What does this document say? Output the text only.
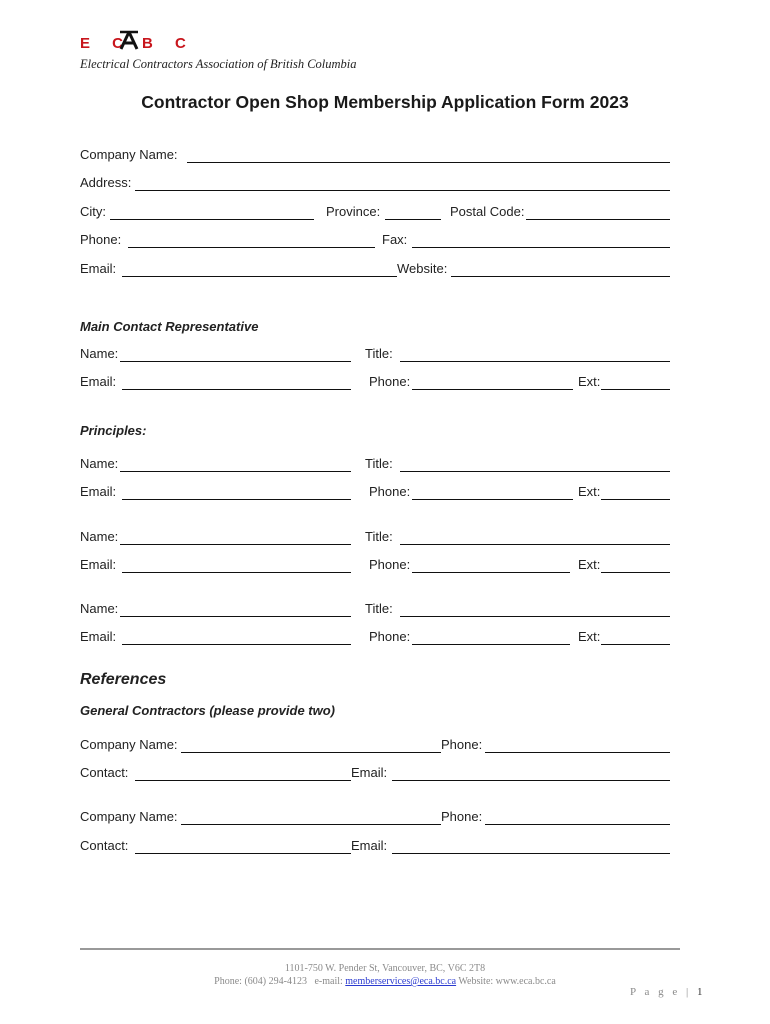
E C B C
Electrical Contractors Association of British Columbia
Contractor Open Shop Membership Application Form 2023
Company Name:
Address:
City:	Province:	Postal Code:
Phone:	Fax:
Email:	Website:
Main Contact Representative
Name:	Title:
Email:	Phone:	Ext:
Principles:
Name:	Title:
Email:	Phone:	Ext:
Name:	Title:
Email:	Phone:	Ext:
Name:	Title:
Email:	Phone:	Ext:
References
General Contractors (please provide two)
Company Name:	Phone:
Contact:	Email:
Company Name:	Phone:
Contact:	Email:
1101-750 W. Pender St, Vancouver, BC, V6C 2T8
Phone: (604) 294-4123 e-mail: memberservices@eca.bc.ca Website: www.eca.bc.ca
P a g e | 1
